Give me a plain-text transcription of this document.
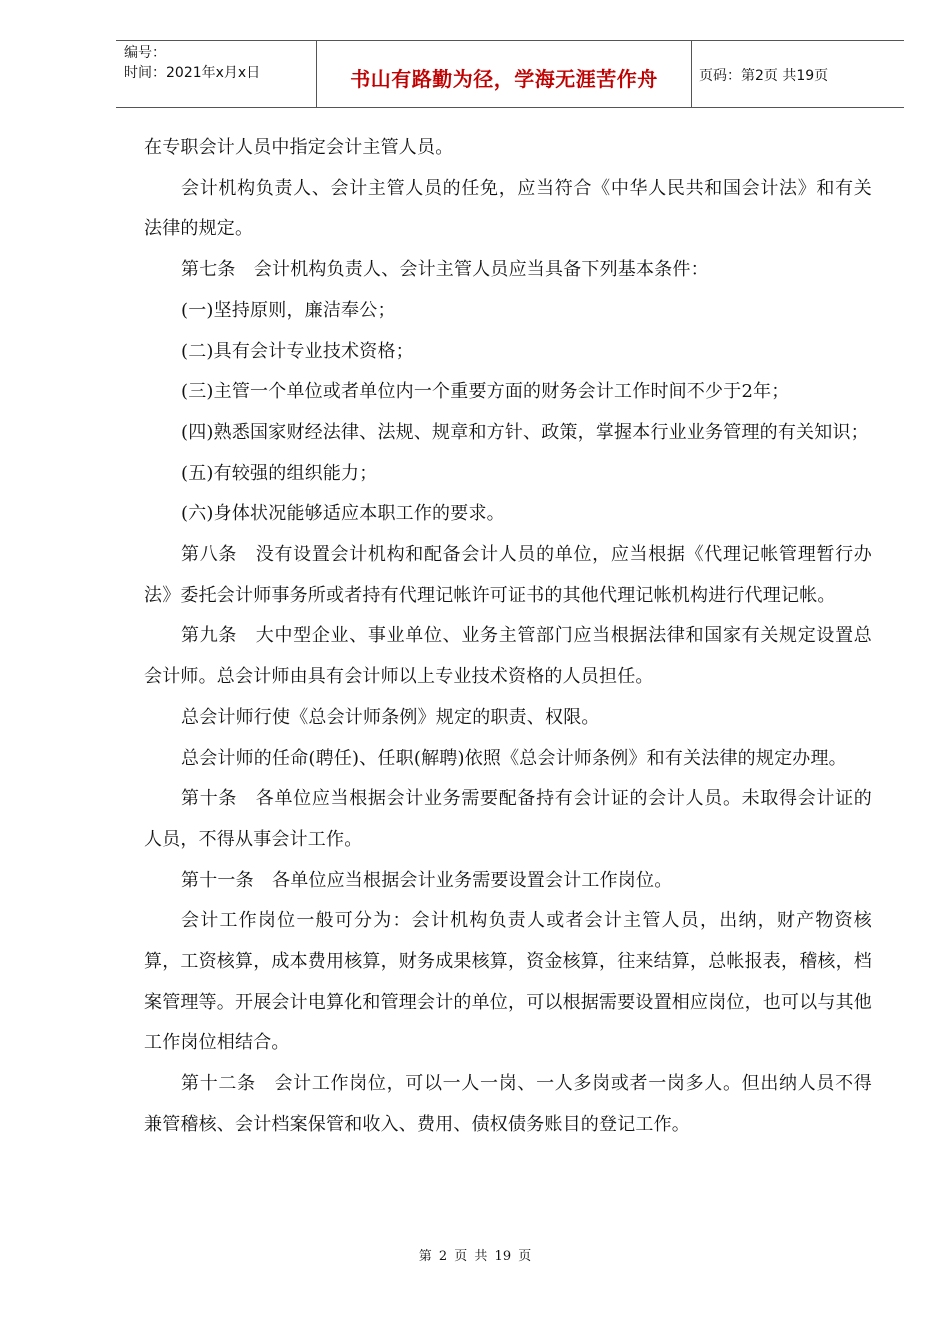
编号：
时间：2021年x月x日	书山有路勤为径，学海无涯苦作舟	页码：第2页 共19页

在专职会计人员中指定会计主管人员。

会计机构负责人、会计主管人员的任免，应当符合《中华人民共和国会计法》和有关法律的规定。

第七条　会计机构负责人、会计主管人员应当具备下列基本条件：

(一)坚持原则，廉洁奉公；

(二)具有会计专业技术资格；

(三)主管一个单位或者单位内一个重要方面的财务会计工作时间不少于2年；

(四)熟悉国家财经法律、法规、规章和方针、政策，掌握本行业业务管理的有关知识；

(五)有较强的组织能力；

(六)身体状况能够适应本职工作的要求。

第八条　没有设置会计机构和配备会计人员的单位，应当根据《代理记帐管理暂行办法》委托会计师事务所或者持有代理记帐许可证书的其他代理记帐机构进行代理记帐。

第九条　大中型企业、事业单位、业务主管部门应当根据法律和国家有关规定设置总会计师。总会计师由具有会计师以上专业技术资格的人员担任。

总会计师行使《总会计师条例》规定的职责、权限。

总会计师的任命(聘任)、任职(解聘)依照《总会计师条例》和有关法律的规定办理。

第十条　各单位应当根据会计业务需要配备持有会计证的会计人员。未取得会计证的人员，不得从事会计工作。

第十一条　各单位应当根据会计业务需要设置会计工作岗位。

会计工作岗位一般可分为：会计机构负责人或者会计主管人员，出纳，财产物资核算，工资核算，成本费用核算，财务成果核算，资金核算，往来结算，总帐报表，稽核，档案管理等。开展会计电算化和管理会计的单位，可以根据需要设置相应岗位，也可以与其他工作岗位相结合。

第十二条　会计工作岗位，可以一人一岗、一人多岗或者一岗多人。但出纳人员不得兼管稽核、会计档案保管和收入、费用、债权债务账目的登记工作。

第 2 页 共 19 页
